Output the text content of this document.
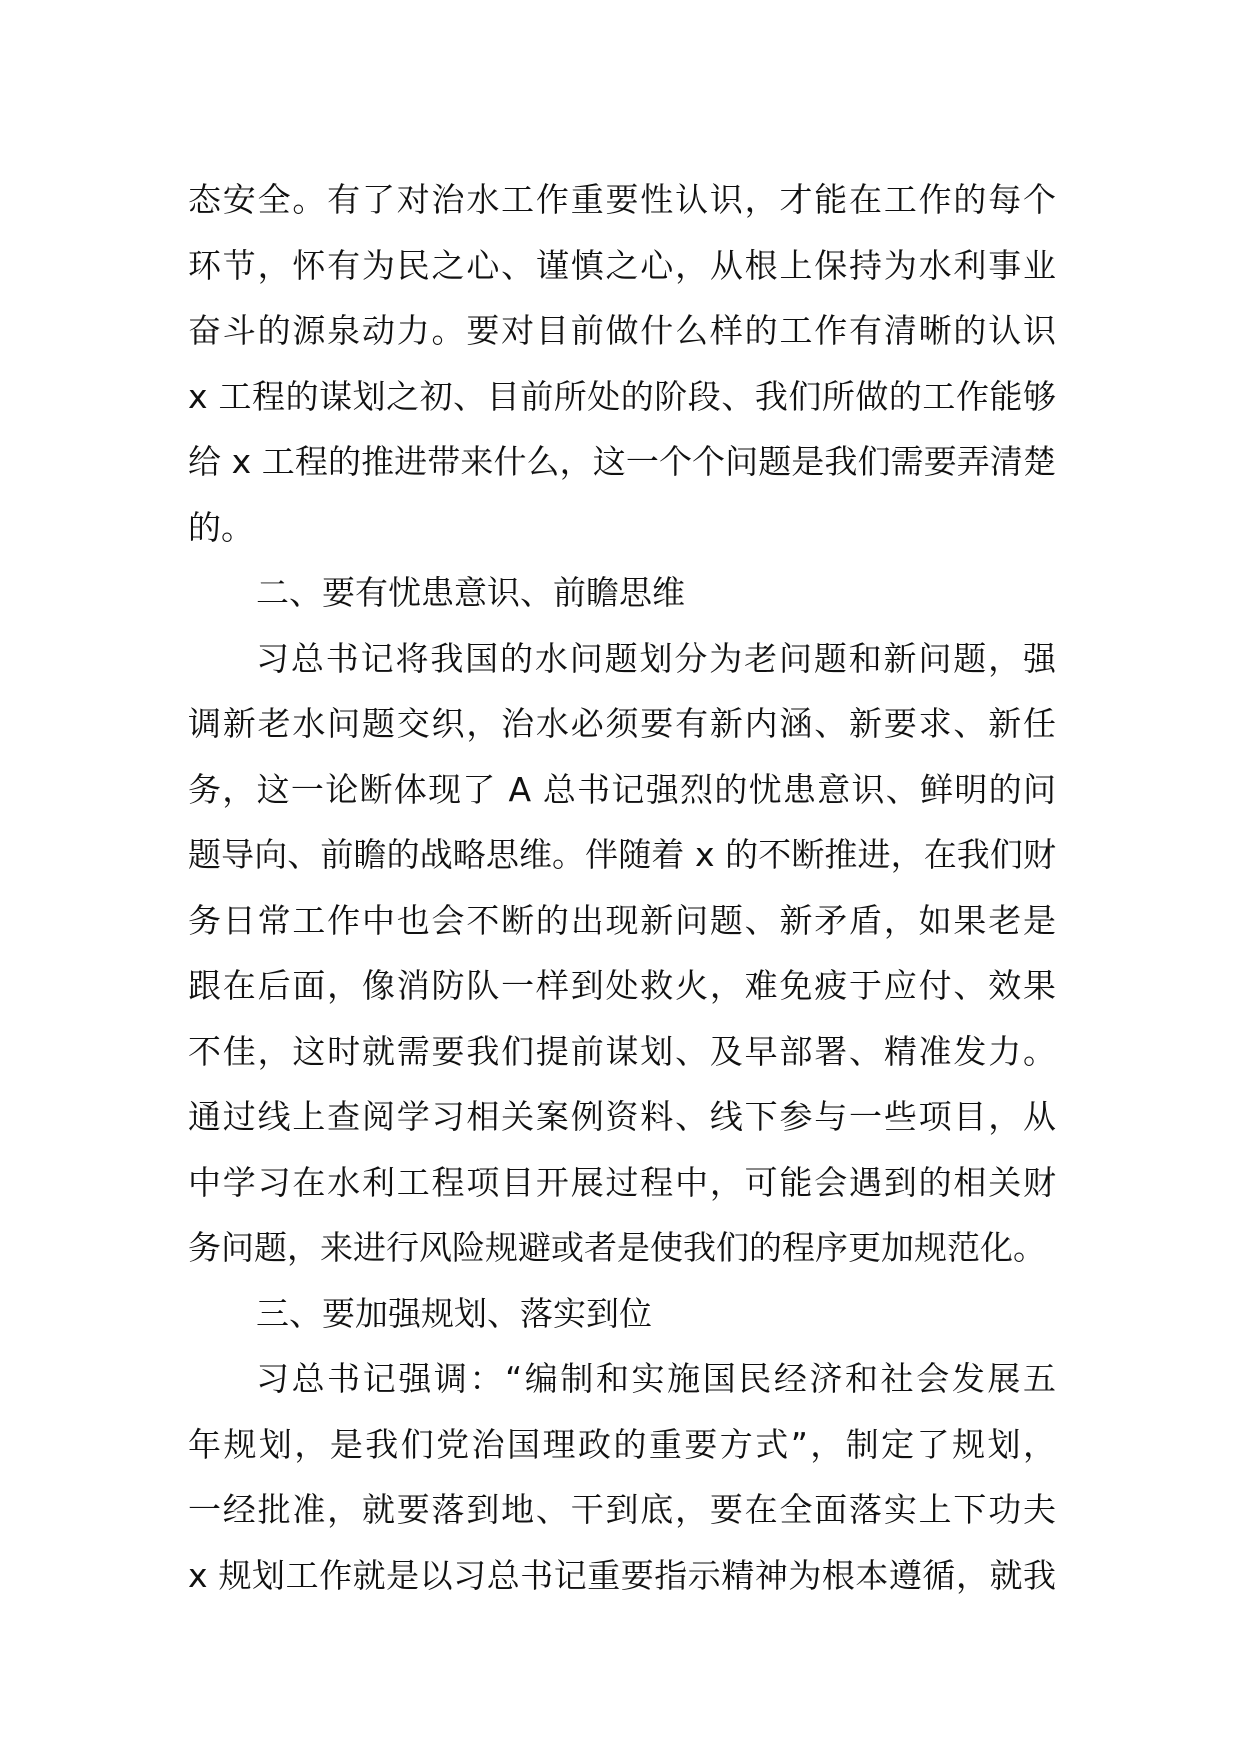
态安全。有了对治水工作重要性认识，才能在工作的每个
环节，怀有为民之心、谨慎之心，从根上保持为水利事业
奋斗的源泉动力。要对目前做什么样的工作有清晰的认识
x 工程的谋划之初、目前所处的阶段、我们所做的工作能够
给 x 工程的推进带来什么，这一个个问题是我们需要弄清楚
的。
二、要有忧患意识、前瞻思维
习总书记将我国的水问题划分为老问题和新问题，强
调新老水问题交织，治水必须要有新内涵、新要求、新任
务，这一论断体现了 A 总书记强烈的忧患意识、鲜明的问
题导向、前瞻的战略思维。伴随着 x 的不断推进，在我们财
务日常工作中也会不断的出现新问题、新矛盾，如果老是
跟在后面，像消防队一样到处救火，难免疲于应付、效果
不佳，这时就需要我们提前谋划、及早部署、精准发力。
通过线上查阅学习相关案例资料、线下参与一些项目，从
中学习在水利工程项目开展过程中，可能会遇到的相关财
务问题，来进行风险规避或者是使我们的程序更加规范化。
三、要加强规划、落实到位
习总书记强调：“编制和实施国民经济和社会发展五
年规划，是我们党治国理政的重要方式”，制定了规划，
一经批准，就要落到地、干到底，要在全面落实上下功夫
x 规划工作就是以习总书记重要指示精神为根本遵循，就我
